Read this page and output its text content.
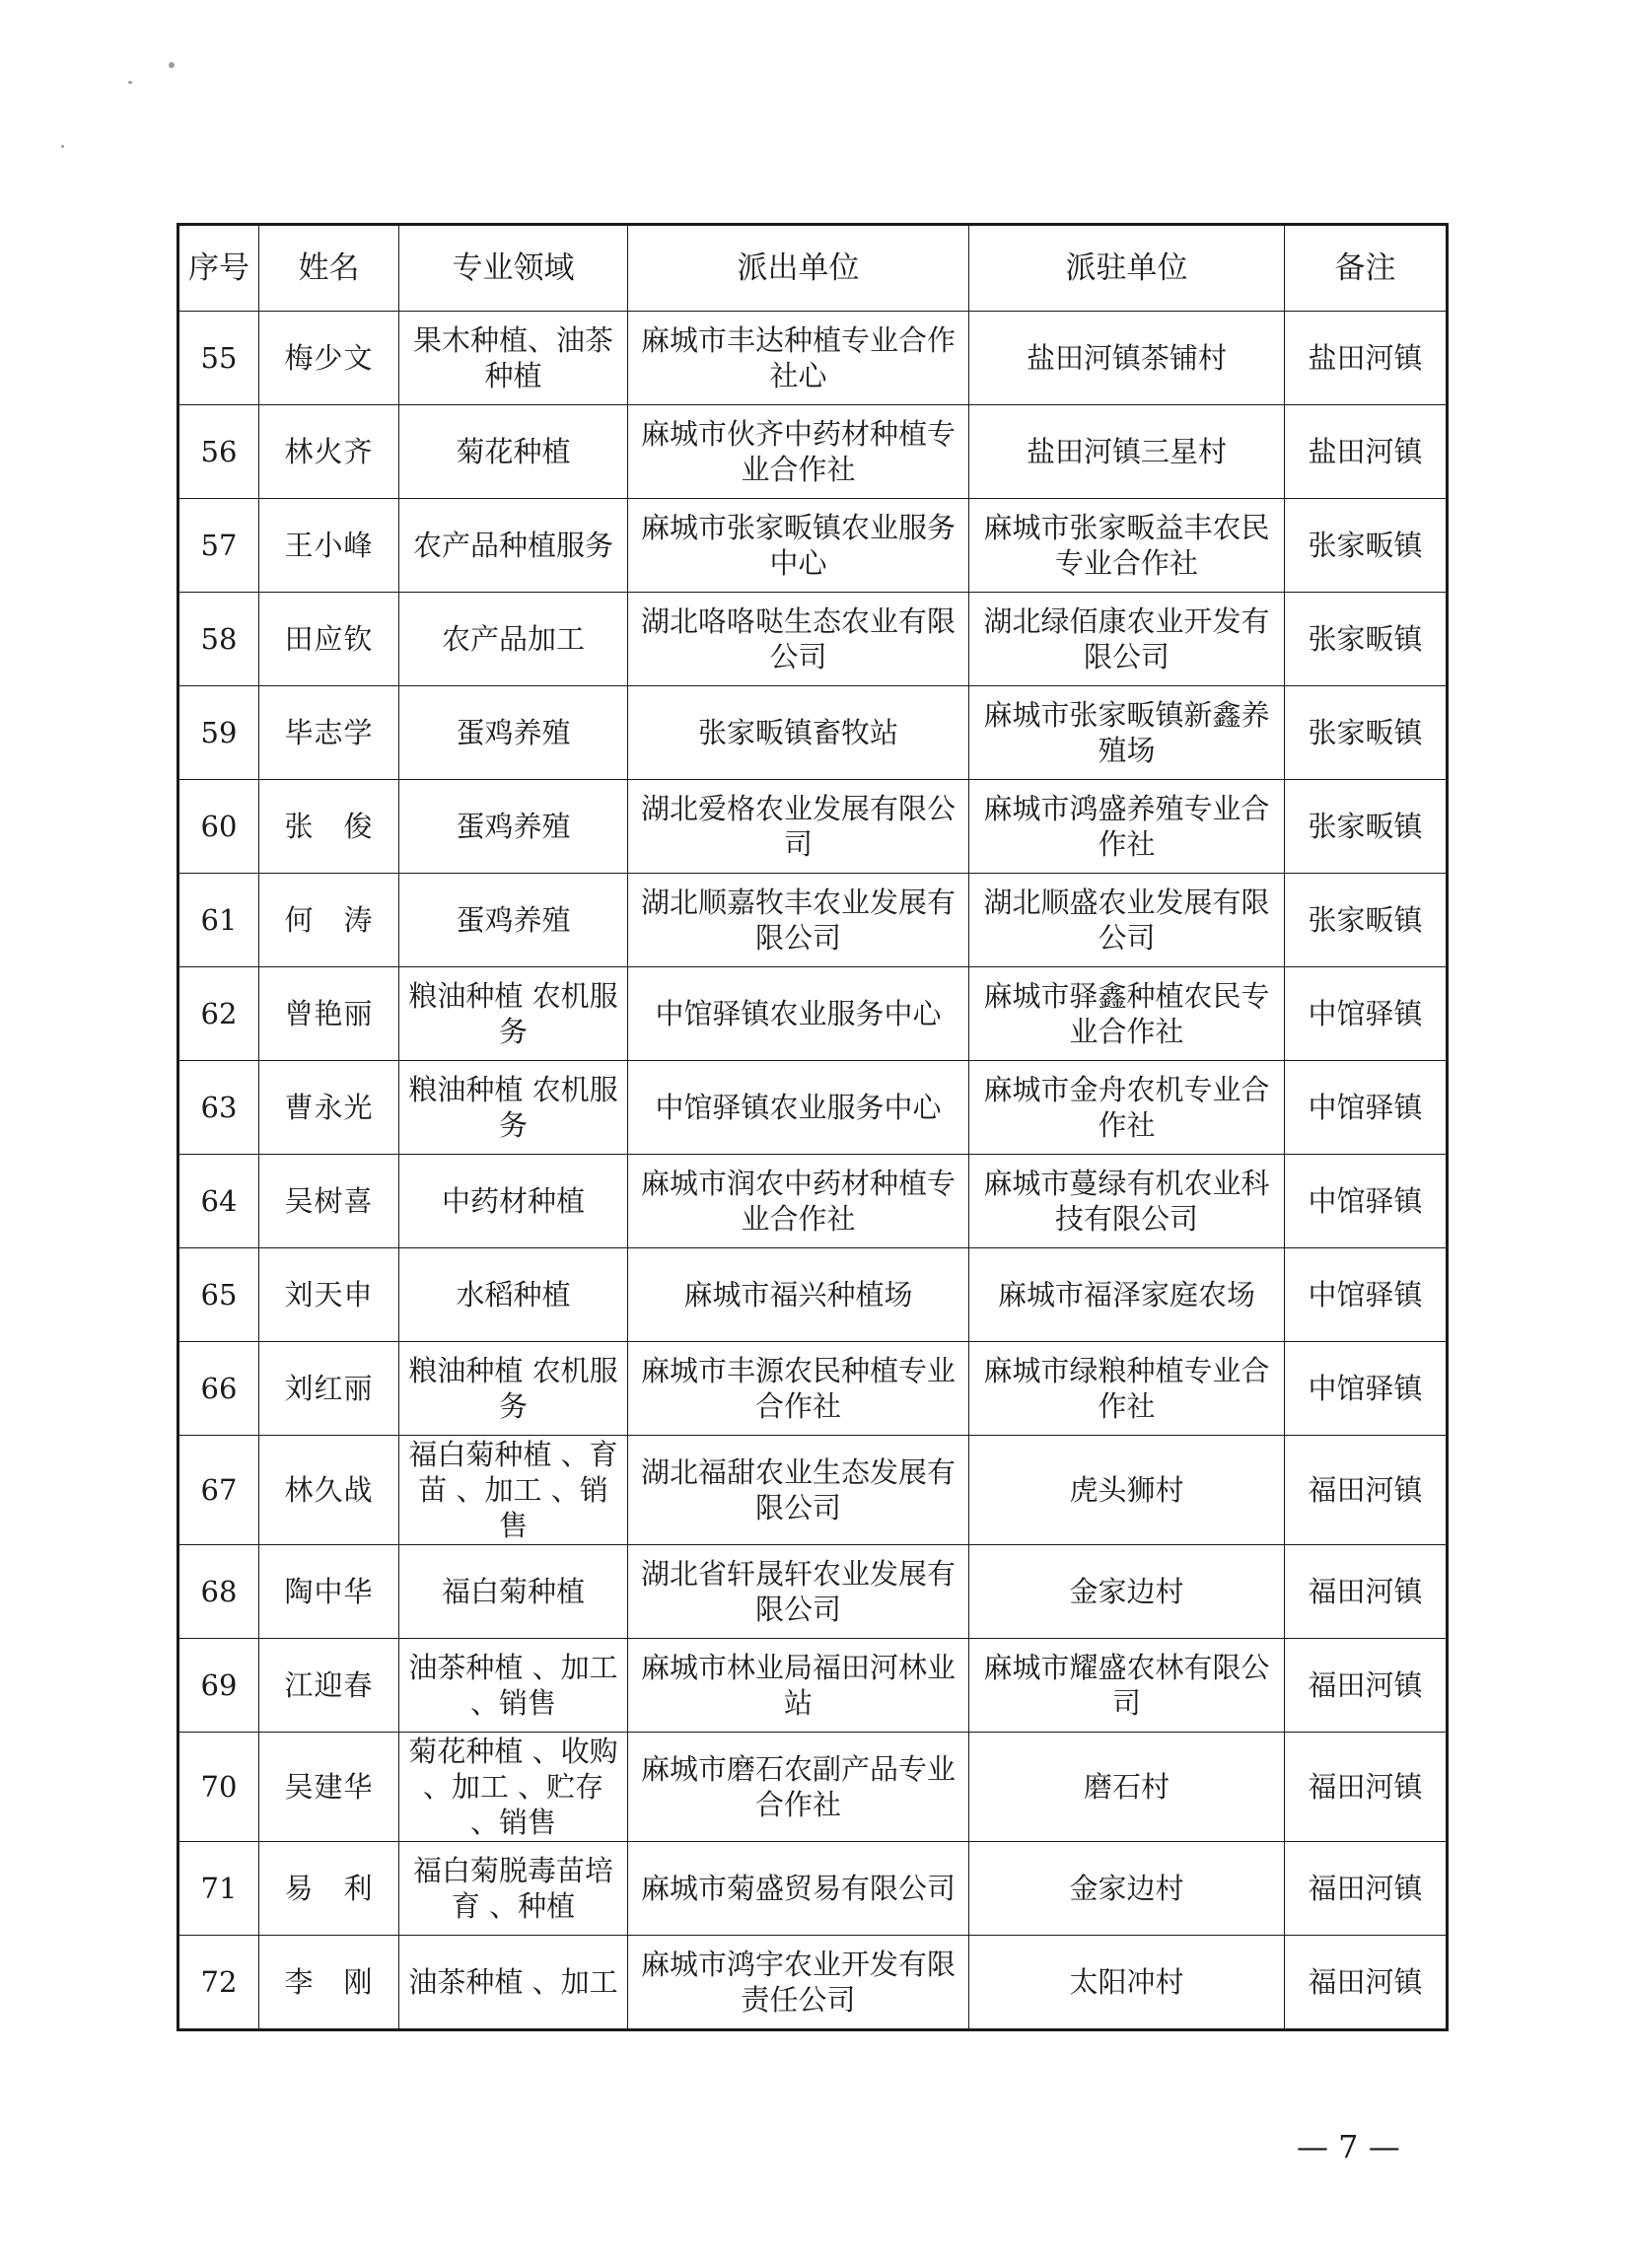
序号	姓名	专业领域	派出单位	派驻单位	备注
55	梅少文	果木种植、油茶种植	麻城市丰达种植专业合作社心	盐田河镇茶铺村	盐田河镇
56	林火齐	菊花种植	麻城市伙齐中药材种植专业合作社	盐田河镇三星村	盐田河镇
57	王小峰	农产品种植服务	麻城市张家畈镇农业服务中心	麻城市张家畈益丰农民专业合作社	张家畈镇
58	田应钦	农产品加工	湖北咯咯哒生态农业有限公司	湖北绿佰康农业开发有限公司	张家畈镇
59	毕志学	蛋鸡养殖	张家畈镇畜牧站	麻城市张家畈镇新鑫养殖场	张家畈镇
60	张　俊	蛋鸡养殖	湖北爱格农业发展有限公司	麻城市鸿盛养殖专业合作社	张家畈镇
61	何　涛	蛋鸡养殖	湖北顺嘉牧丰农业发展有限公司	湖北顺盛农业发展有限公司	张家畈镇
62	曾艳丽	粮油种植 农机服务	中馆驿镇农业服务中心	麻城市驿鑫种植农民专业合作社	中馆驿镇
63	曹永光	粮油种植 农机服务	中馆驿镇农业服务中心	麻城市金舟农机专业合作社	中馆驿镇
64	吴树喜	中药材种植	麻城市润农中药材种植专业合作社	麻城市蔓绿有机农业科技有限公司	中馆驿镇
65	刘天申	水稻种植	麻城市福兴种植场	麻城市福泽家庭农场	中馆驿镇
66	刘红丽	粮油种植 农机服务	麻城市丰源农民种植专业合作社	麻城市绿粮种植专业合作社	中馆驿镇
67	林久战	福白菊种植 、育苗 、加工 、销售	湖北福甜农业生态发展有限公司	虎头狮村	福田河镇
68	陶中华	福白菊种植	湖北省轩晟轩农业发展有限公司	金家边村	福田河镇
69	江迎春	油茶种植 、加工 、销售	麻城市林业局福田河林业站	麻城市耀盛农林有限公司	福田河镇
70	吴建华	菊花种植 、收购 、加工 、贮存 、销售	麻城市磨石农副产品专业合作社	磨石村	福田河镇
71	易　利	福白菊脱毒苗培育 、种植	麻城市菊盛贸易有限公司	金家边村	福田河镇
72	李　刚	油茶种植 、加工	麻城市鸿宇农业开发有限责任公司	太阳冲村	福田河镇
— 7 —
